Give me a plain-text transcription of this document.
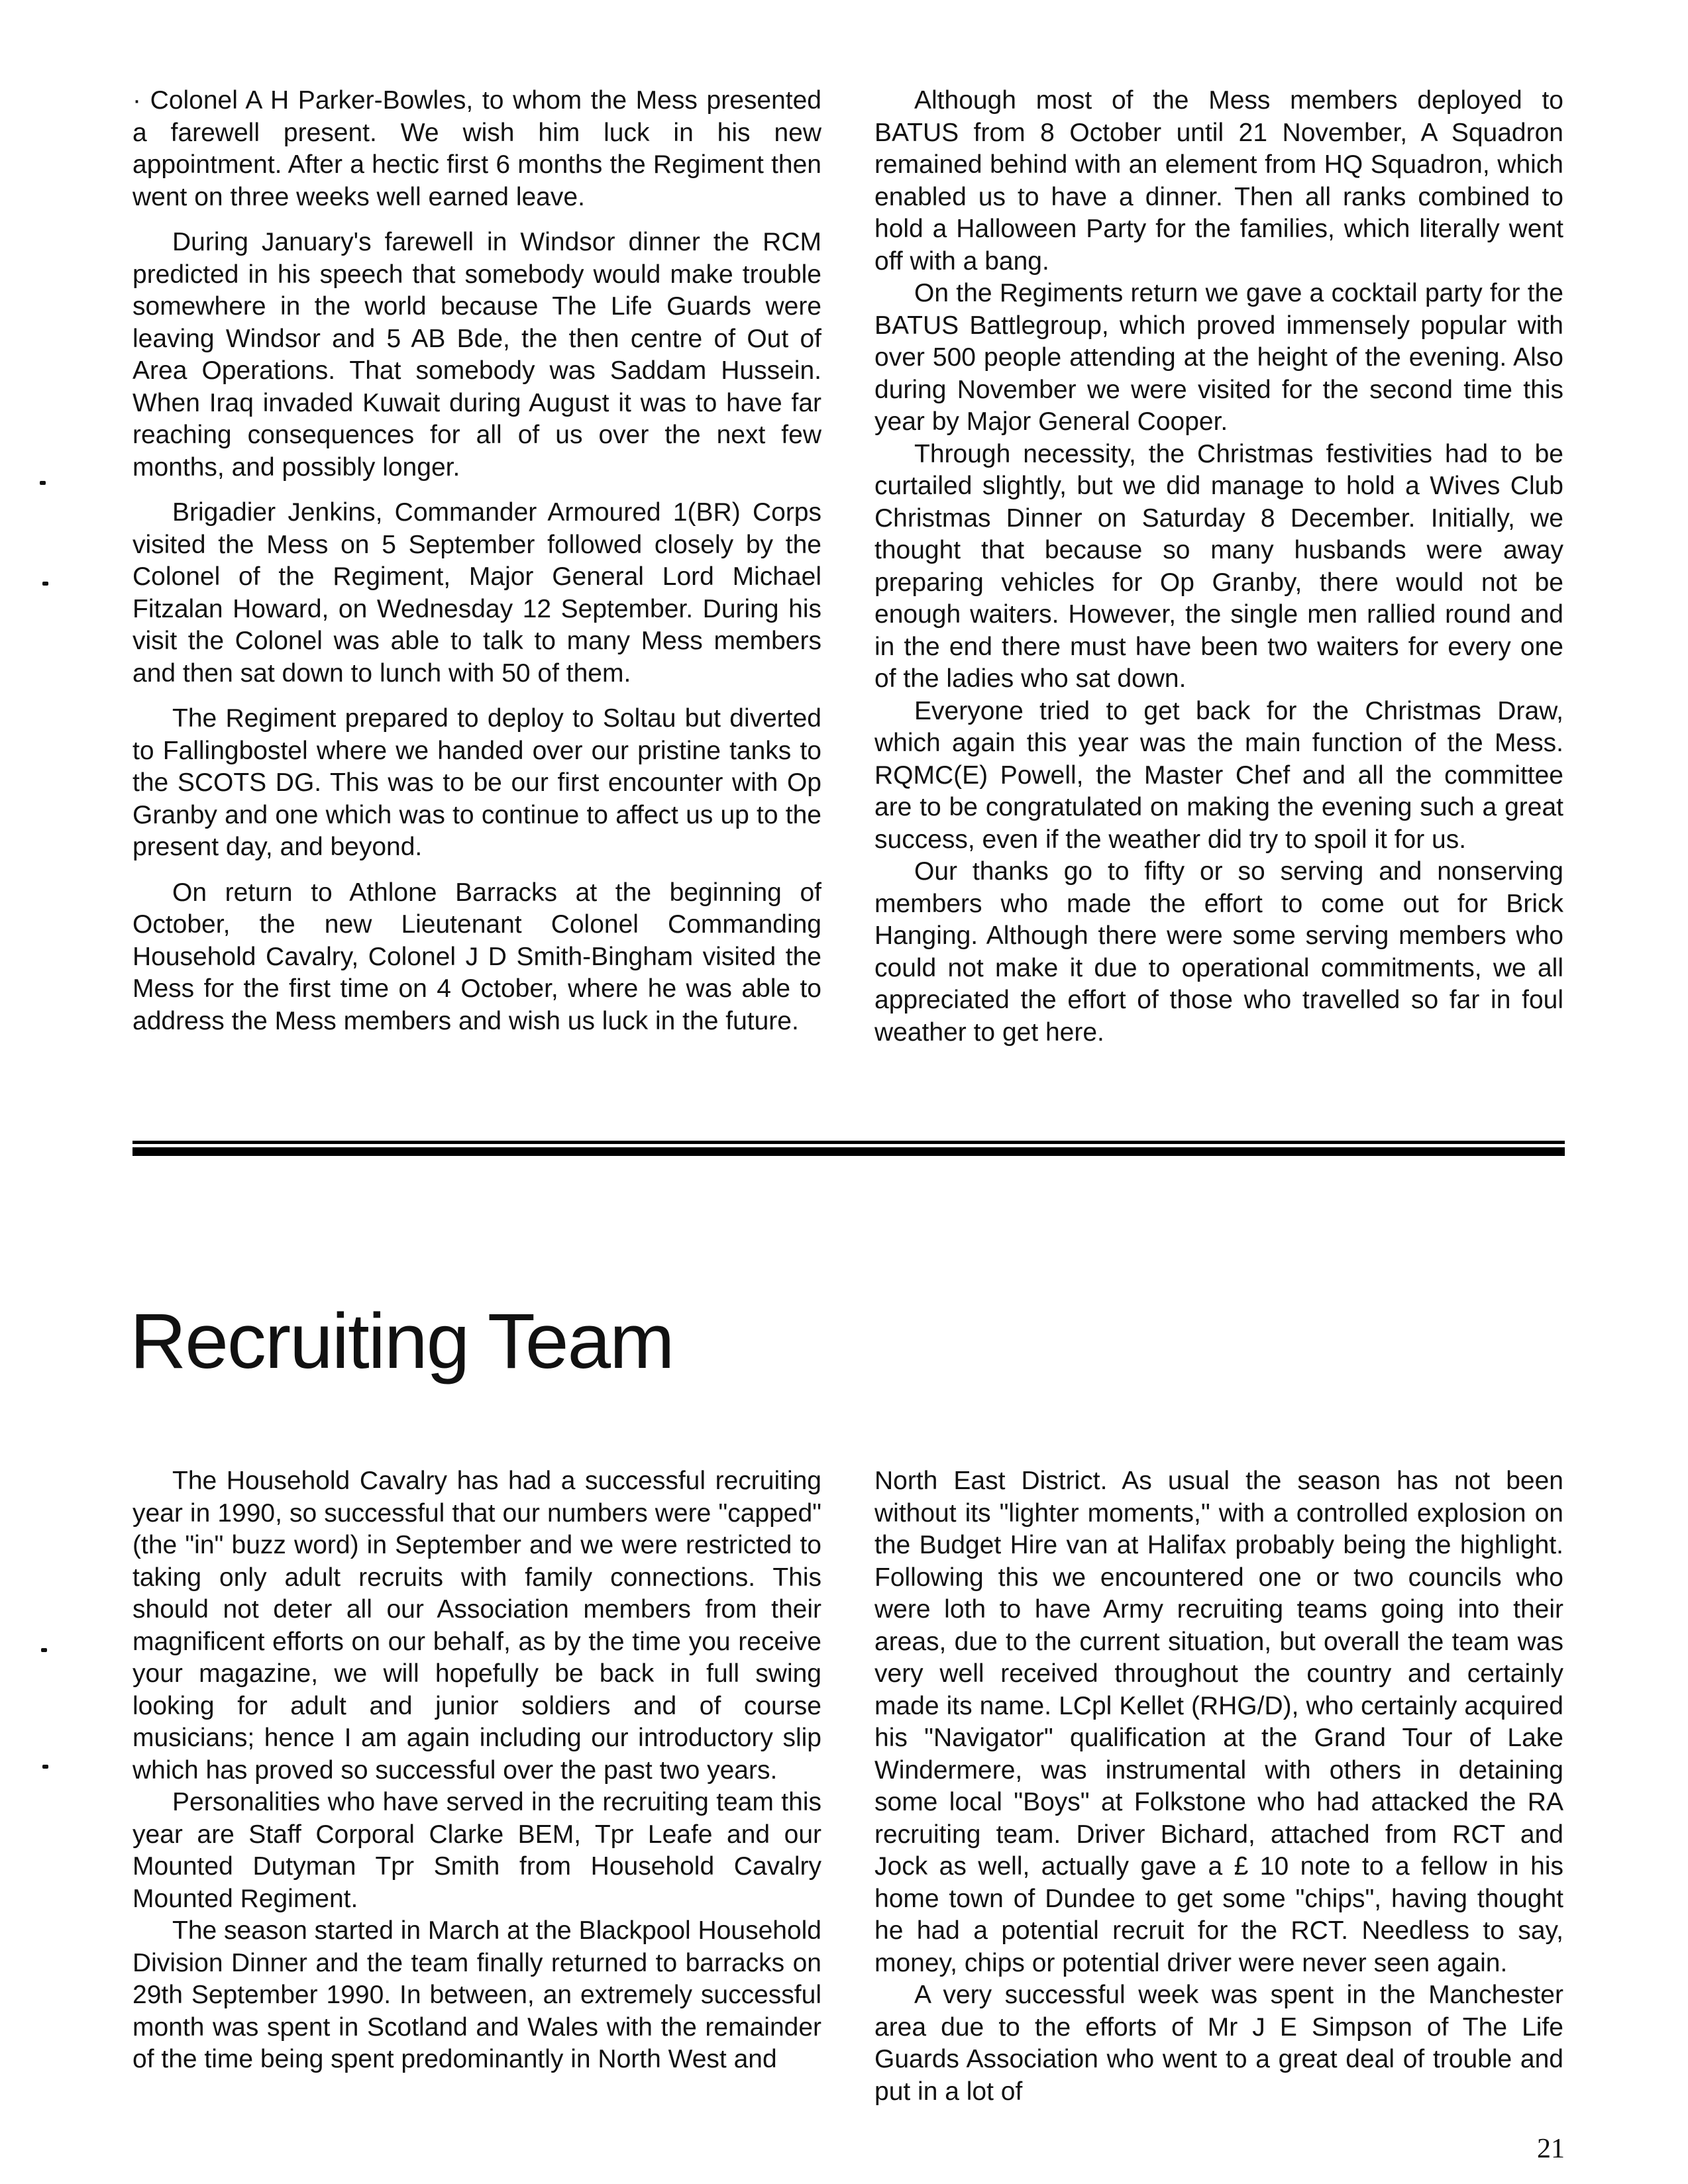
· Colonel A H Parker-Bowles, to whom the Mess presented a farewell present. We wish him luck in his new appointment. After a hectic first 6 months the Regiment then went on three weeks well earned leave.

During January's farewell in Windsor dinner the RCM predicted in his speech that somebody would make trouble somewhere in the world because The Life Guards were leaving Windsor and 5 AB Bde, the then centre of Out of Area Operations. That somebody was Saddam Hussein. When Iraq invaded Kuwait during August it was to have far reaching consequences for all of us over the next few months, and possibly longer.

Brigadier Jenkins, Commander Armoured 1(BR) Corps visited the Mess on 5 September followed closely by the Colonel of the Regiment, Major General Lord Michael Fitzalan Howard, on Wednesday 12 September. During his visit the Colonel was able to talk to many Mess members and then sat down to lunch with 50 of them.

The Regiment prepared to deploy to Soltau but diverted to Fallingbostel where we handed over our pristine tanks to the SCOTS DG. This was to be our first encounter with Op Granby and one which was to continue to affect us up to the present day, and beyond.

On return to Athlone Barracks at the beginning of October, the new Lieutenant Colonel Commanding Household Cavalry, Colonel J D Smith-Bingham visited the Mess for the first time on 4 October, where he was able to address the Mess members and wish us luck in the future.

Although most of the Mess members deployed to BATUS from 8 October until 21 November, A Squadron remained behind with an element from HQ Squadron, which enabled us to have a dinner. Then all ranks combined to hold a Halloween Party for the families, which literally went off with a bang.

On the Regiments return we gave a cocktail party for the BATUS Battlegroup, which proved immensely popular with over 500 people attending at the height of the evening. Also during November we were visited for the second time this year by Major General Cooper.

Through necessity, the Christmas festivities had to be curtailed slightly, but we did manage to hold a Wives Club Christmas Dinner on Saturday 8 December. Initially, we thought that because so many husbands were away preparing vehicles for Op Granby, there would not be enough waiters. However, the single men rallied round and in the end there must have been two waiters for every one of the ladies who sat down.

Everyone tried to get back for the Christmas Draw, which again this year was the main function of the Mess. RQMC(E) Powell, the Master Chef and all the committee are to be congratulated on making the evening such a great success, even if the weather did try to spoil it for us.

Our thanks go to fifty or so serving and nonserving members who made the effort to come out for Brick Hanging. Although there were some serving members who could not make it due to operational commitments, we all appreciated the effort of those who travelled so far in foul weather to get here.

Recruiting Team

The Household Cavalry has had a successful recruiting year in 1990, so successful that our numbers were "capped" (the "in" buzz word) in September and we were restricted to taking only adult recruits with family connections. This should not deter all our Association members from their magnificent efforts on our behalf, as by the time you receive your magazine, we will hopefully be back in full swing looking for adult and junior soldiers and of course musicians; hence I am again including our introductory slip which has proved so successful over the past two years.

Personalities who have served in the recruiting team this year are Staff Corporal Clarke BEM, Tpr Leafe and our Mounted Dutyman Tpr Smith from Household Cavalry Mounted Regiment.

The season started in March at the Blackpool Household Division Dinner and the team finally returned to barracks on 29th September 1990. In between, an extremely successful month was spent in Scotland and Wales with the remainder of the time being spent predominantly in North West and

North East District. As usual the season has not been without its "lighter moments," with a controlled explosion on the Budget Hire van at Halifax probably being the highlight. Following this we encountered one or two councils who were loth to have Army recruiting teams going into their areas, due to the current situation, but overall the team was very well received throughout the country and certainly made its name. LCpl Kellet (RHG/D), who certainly acquired his "Navigator" qualification at the Grand Tour of Lake Windermere, was instrumental with others in detaining some local "Boys" at Folkstone who had attacked the RA recruiting team. Driver Bichard, attached from RCT and Jock as well, actually gave a £ 10 note to a fellow in his home town of Dundee to get some "chips", having thought he had a potential recruit for the RCT. Needless to say, money, chips or potential driver were never seen again.

A very successful week was spent in the Manchester area due to the efforts of Mr J E Simpson of The Life Guards Association who went to a great deal of trouble and put in a lot of

21
